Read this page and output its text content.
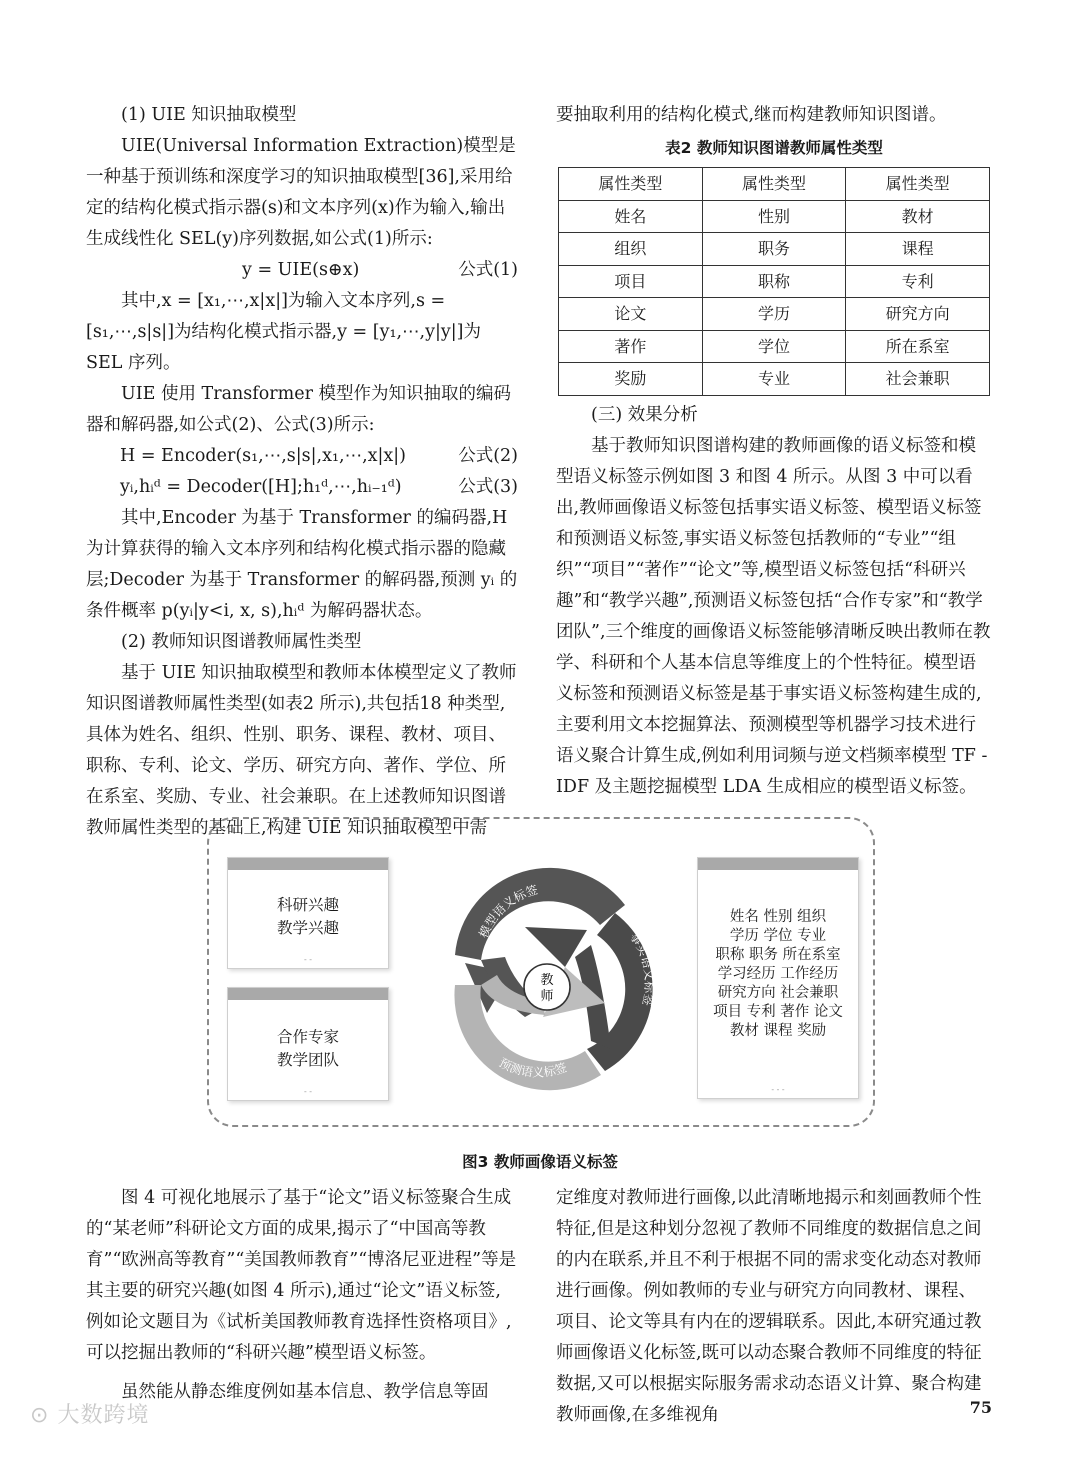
(1) UIE 知识抽取模型

UIE(Universal Information Extraction)模型是一种基于预训练和深度学习的知识抽取模型[36],采用给定的结构化模式指示器(s)和文本序列(x)作为输入,输出生成线性化 SEL(y)序列数据,如公式(1)所示:

y = UIE(s⊕x)	公式(1)

其中,x = [x₁,⋯,x|x|]为输入文本序列,s = [s₁,⋯,s|s|]为结构化模式指示器,y = [y₁,⋯,y|y|]为 SEL 序列。

UIE 使用 Transformer 模型作为知识抽取的编码器和解码器,如公式(2)、公式(3)所示:

H = Encoder(s₁,⋯,s|s|,x₁,⋯,x|x|)	公式(2)
yᵢ,hᵢᵈ = Decoder([H];h₁ᵈ,⋯,hᵢ₋₁ᵈ)	公式(3)

其中,Encoder 为基于 Transformer 的编码器,H 为计算获得的输入文本序列和结构化模式指示器的隐藏层;Decoder 为基于 Transformer 的解码器,预测 yᵢ 的条件概率 p(yᵢ|y<i, x, s),hᵢᵈ 为解码器状态。

(2) 教师知识图谱教师属性类型

基于 UIE 知识抽取模型和教师本体模型定义了教师知识图谱教师属性类型(如表2 所示),共包括18 种类型,具体为姓名、组织、性别、职务、课程、教材、项目、职称、专利、论文、学历、研究方向、著作、学位、所在系室、奖励、专业、社会兼职。在上述教师知识图谱教师属性类型的基础上,构建 UIE 知识抽取模型中需

要抽取利用的结构化模式,继而构建教师知识图谱。

表2 教师知识图谱教师属性类型
属性类型	属性类型	属性类型
姓名	性别	教材
组织	职务	课程
项目	职称	专利
论文	学历	研究方向
著作	学位	所在系室
奖励	专业	社会兼职

(三) 效果分析

基于教师知识图谱构建的教师画像的语义标签和模型语义标签示例如图 3 和图 4 所示。从图 3 中可以看出,教师画像语义标签包括事实语义标签、模型语义标签和预测语义标签,事实语义标签包括教师的“专业”“组织”“项目”“著作”“论文”等,模型语义标签包括“科研兴趣”和“教学兴趣”,预测语义标签包括“合作专家”和“教学团队”,三个维度的画像语义标签能够清晰反映出教师在教学、科研和个人基本信息等维度上的个性特征。模型语义标签和预测语义标签是基于事实语义标签构建生成的,主要利用文本挖掘算法、预测模型等机器学习技术进行语义聚合计算生成,例如利用词频与逆文档频率模型 TF - IDF 及主题挖掘模型 LDA 生成相应的模型语义标签。

科研兴趣
教学兴趣
- -
合作专家
教学团队
- -
姓名 性别 组织
学历 学位 专业
职称 职务 所在系室
学习经历 工作经历
研究方向 社会兼职
项目 专利 著作 论文
教材 课程 奖励
- - -
教
师
模型语义标签
事实语义标签
预测语义标签
图3 教师画像语义标签

图 4 可视化地展示了基于“论文”语义标签聚合生成的“某老师”科研论文方面的成果,揭示了“中国高等教育”“欧洲高等教育”“美国教师教育”“博洛尼亚进程”等是其主要的研究兴趣(如图 4 所示),通过“论文”语义标签,例如论文题目为《试析美国教师教育选择性资格项目》,可以挖掘出教师的“科研兴趣”模型语义标签。

虽然能从静态维度例如基本信息、教学信息等固

定维度对教师进行画像,以此清晰地揭示和刻画教师个性特征,但是这种划分忽视了教师不同维度的数据信息之间的内在联系,并且不利于根据不同的需求变化动态对教师进行画像。例如教师的专业与研究方向同教材、课程、项目、论文等具有内在的逻辑联系。因此,本研究通过教师画像语义化标签,既可以动态聚合教师不同维度的特征数据,又可以根据实际服务需求动态语义计算、聚合构建教师画像,在多维视角

⊙ 大数跨境	75
